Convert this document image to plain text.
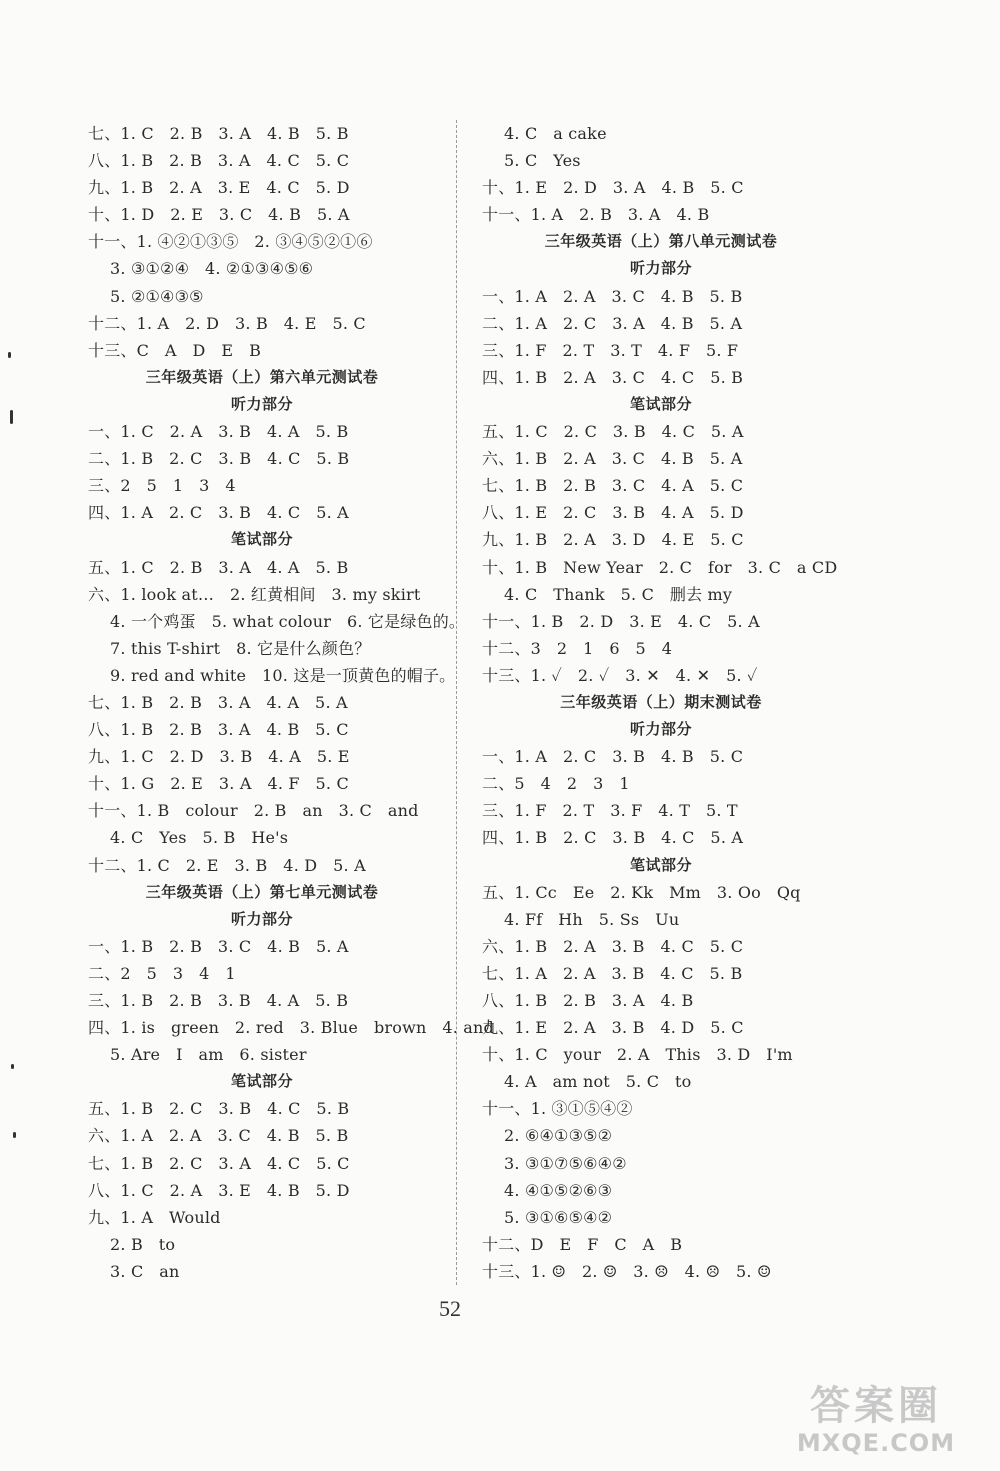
七、1. C   2. B   3. A   4. B   5. B
八、1. B   2. B   3. A   4. C   5. C
九、1. B   2. A   3. E   4. C   5. D
十、1. D   2. E   3. C   4. B   5. A
十一、1. ④②①③⑤   2. ③④⑤②①⑥
3. ③①②④   4. ②①③④⑤⑥
5. ②①④③⑤
十二、1. A   2. D   3. B   4. E   5. C
十三、C   A   D   E   B
三年级英语（上）第六单元测试卷
听力部分
一、1. C   2. A   3. B   4. A   5. B
二、1. B   2. C   3. B   4. C   5. B
三、2   5   1   3   4
四、1. A   2. C   3. B   4. C   5. A
笔试部分
五、1. C   2. B   3. A   4. A   5. B
六、1. look at…   2. 红黄相间   3. my skirt
4. 一个鸡蛋   5. what colour   6. 它是绿色的。
7. this T-shirt   8. 它是什么颜色？
9. red and white   10. 这是一顶黄色的帽子。
七、1. B   2. B   3. A   4. A   5. A
八、1. B   2. B   3. A   4. B   5. C
九、1. C   2. D   3. B   4. A   5. E
十、1. G   2. E   3. A   4. F   5. C
十一、1. B   colour   2. B   an   3. C   and
4. C   Yes   5. B   He's
十二、1. C   2. E   3. B   4. D   5. A
三年级英语（上）第七单元测试卷
听力部分
一、1. B   2. B   3. C   4. B   5. A
二、2   5   3   4   1
三、1. B   2. B   3. B   4. A   5. B
四、1. is   green   2. red   3. Blue   brown   4. and
5. Are   I   am   6. sister
笔试部分
五、1. B   2. C   3. B   4. C   5. B
六、1. A   2. A   3. C   4. B   5. B
七、1. B   2. C   3. A   4. C   5. C
八、1. C   2. A   3. E   4. B   5. D
九、1. A   Would
2. B   to
3. C   an
4. C   a cake
5. C   Yes
十、1. E   2. D   3. A   4. B   5. C
十一、1. A   2. B   3. A   4. B
三年级英语（上）第八单元测试卷
听力部分
一、1. A   2. A   3. C   4. B   5. B
二、1. A   2. C   3. A   4. B   5. A
三、1. F   2. T   3. T   4. F   5. F
四、1. B   2. A   3. C   4. C   5. B
笔试部分
五、1. C   2. C   3. B   4. C   5. A
六、1. B   2. A   3. C   4. B   5. A
七、1. B   2. B   3. C   4. A   5. C
八、1. E   2. C   3. B   4. A   5. D
九、1. B   2. A   3. D   4. E   5. C
十、1. B   New Year   2. C   for   3. C   a CD
4. C   Thank   5. C   删去 my
十一、1. B   2. D   3. E   4. C   5. A
十二、3   2   1   6   5   4
十三、1. ✓   2. ✓   3. ✕   4. ✕   5. ✓
三年级英语（上）期末测试卷
听力部分
一、1. A   2. C   3. B   4. B   5. C
二、5   4   2   3   1
三、1. F   2. T   3. F   4. T   5. T
四、1. B   2. C   3. B   4. C   5. A
笔试部分
五、1. Cc   Ee   2. Kk   Mm   3. Oo   Qq
4. Ff   Hh   5. Ss   Uu
六、1. B   2. A   3. B   4. C   5. C
七、1. A   2. A   3. B   4. C   5. B
八、1. B   2. B   3. A   4. B
九、1. E   2. A   3. B   4. D   5. C
十、1. C   your   2. A   This   3. D   I'm
4. A   am not   5. C   to
十一、1. ③①⑤④②
2. ⑥④①③⑤②
3. ③①⑦⑤⑥④②
4. ④①⑤②⑥③
5. ③①⑥⑤④②
十二、D   E   F   C   A   B
十三、1. ☺   2. ☺   3. ☹   4. ☹   5. ☺
52
答案圈
MXQE.COM
